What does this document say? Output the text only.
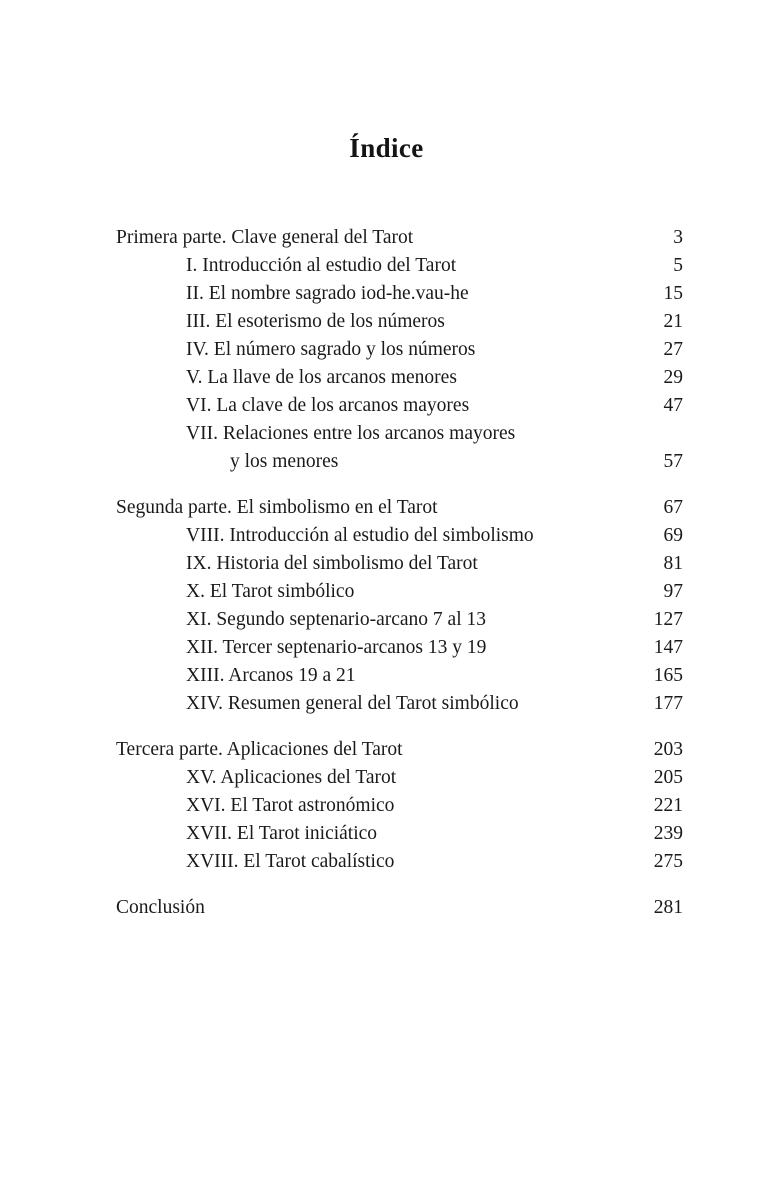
Índice
Primera parte. Clave general del Tarot	3
I. Introducción al estudio del Tarot	5
II. El nombre sagrado iod-he.vau-he	15
III. El esoterismo de los números	21
IV. El número sagrado y los números	27
V. La llave de los arcanos menores	29
VI. La clave de los arcanos mayores	47
VII. Relaciones entre los arcanos mayores
y los menores	57
Segunda parte. El simbolismo en el Tarot	67
VIII. Introducción al estudio del simbolismo	69
IX. Historia del simbolismo del Tarot	81
X. El Tarot simbólico	97
XI. Segundo septenario-arcano 7 al 13	127
XII. Tercer septenario-arcanos 13 y 19	147
XIII. Arcanos 19 a 21	165
XIV. Resumen general del Tarot simbólico	177
Tercera parte. Aplicaciones del Tarot	203
XV. Aplicaciones del Tarot	205
XVI. El Tarot astronómico	221
XVII. El Tarot iniciático	239
XVIII. El Tarot cabalístico	275
Conclusión	281
